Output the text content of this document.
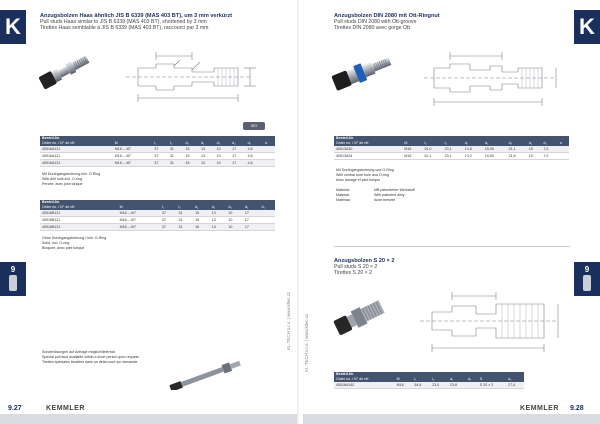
K	Anzugsbolzen Haas ähnlich JIS B 6339 (MAS 403 BT), um 3 mm verkürzt
Pull studs Haas similar to JIS B 6339 (MAS 403 BT), shortened by 3 mm
Tirettes Haas semblable à JIS B 6339 (MAS 403 BT), raccourci par 3 mm
ISO
Bestell-Nr.									
Order no. / N° de réf.	M	l₁	l₂	d₁	d₂	d₃	d₄	d₅	α
40516A121	M16 – 40°	37	31	15	13	10	17	4,6	
40516A121	M16 – 40°	37	31	15	13	10	17	4,6	
40516A121	M16 – 40°	37	31	15	13	10	17	4,6	
Mit Durchgangsbohrung inkl. O-Ring
With drill hole incl. O-ring
Percée, avec joint torique
Bestell-Nr.								
Order no. / N° de réf.	M	l₁	l₂	d₁	d₂	d₃	d₄	d₅
40516B121	M16 – 40°	37	31	15	13	10	17	
40516B121	M16 – 40°	37	31	15	13	10	17	
40516B121	M16 – 40°	37	31	15	13	10	17	
Ohne Durchgangsbohrung / inkl. O-Ring
Solid, incl. O-ring
Bloquée, avec joint torique
9
Sonderlösungen auf Anfrage möglich/lieferbar.
Special pull stud available within a short period upon request.
Tirettes spéciales livrables dans un délai court sur demande.
KL-TECH s.r.o. | www.kltec.cz
9.27	KEMMLER
Anzugsbolzen DIN 2080 mit Ott-Ringnut
Pull studs DIN 2080 with Ott-groove
Tirettes DIN 2080 avec gorge Ott	K
Bestell-Nr.									
Order no. / N° de réf.	M	l₁	l₂	d₁	d₂	d₃	d₄	d₅	α
40513A30	M16	51,0	23,1	13,8	15,00	21,1	15	7,0	
40513A34	M16	61,1	23,1	13,2	19,60	21,6	15	7,0	
Mit Durchgangsbohrung und O-Ring
With central bore hole and O-ring
Avec lamage et joint torique
Material:	MB patentierter Werkstoff
Material:	With patented alloy
Matériau:	Acier breveté
Anzugsbolzen S 20 × 2
Pull studs S 20 × 2
Tirettes S 20 × 2	9
Bestell-Nr.							
Order no. / N° de réf.	M	l₁	l₂	d₁	d₂	S	d₅
40516A162	M16	54,6	23,0	23,8		S 20 × 2	27,4
KL-TECH s.r.o. | www.kltec.cz
KEMMLER 9.28
